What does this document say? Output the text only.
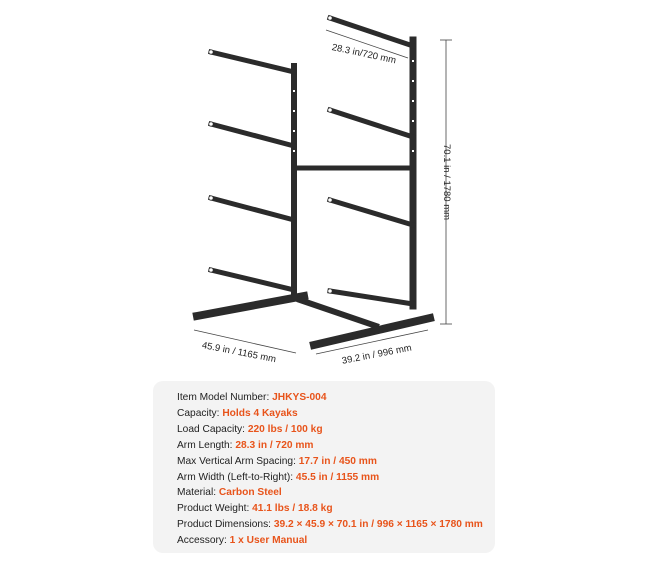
28.3 in/720 mm
70.1 in / 1780 mm
45.9 in / 1165 mm	39.2 in / 996 mm
Item Model Number: JHKYS-004
Capacity: Holds 4 Kayaks
Load Capacity: 220 lbs / 100 kg
Arm Length: 28.3 in / 720 mm
Max Vertical Arm Spacing: 17.7 in / 450 mm
Arm Width (Left-to-Right): 45.5 in / 1155 mm
Material: Carbon Steel
Product Weight: 41.1 lbs / 18.8 kg
Product Dimensions: 39.2 × 45.9 × 70.1 in / 996 × 1165 × 1780 mm
Accessory: 1 x User Manual
